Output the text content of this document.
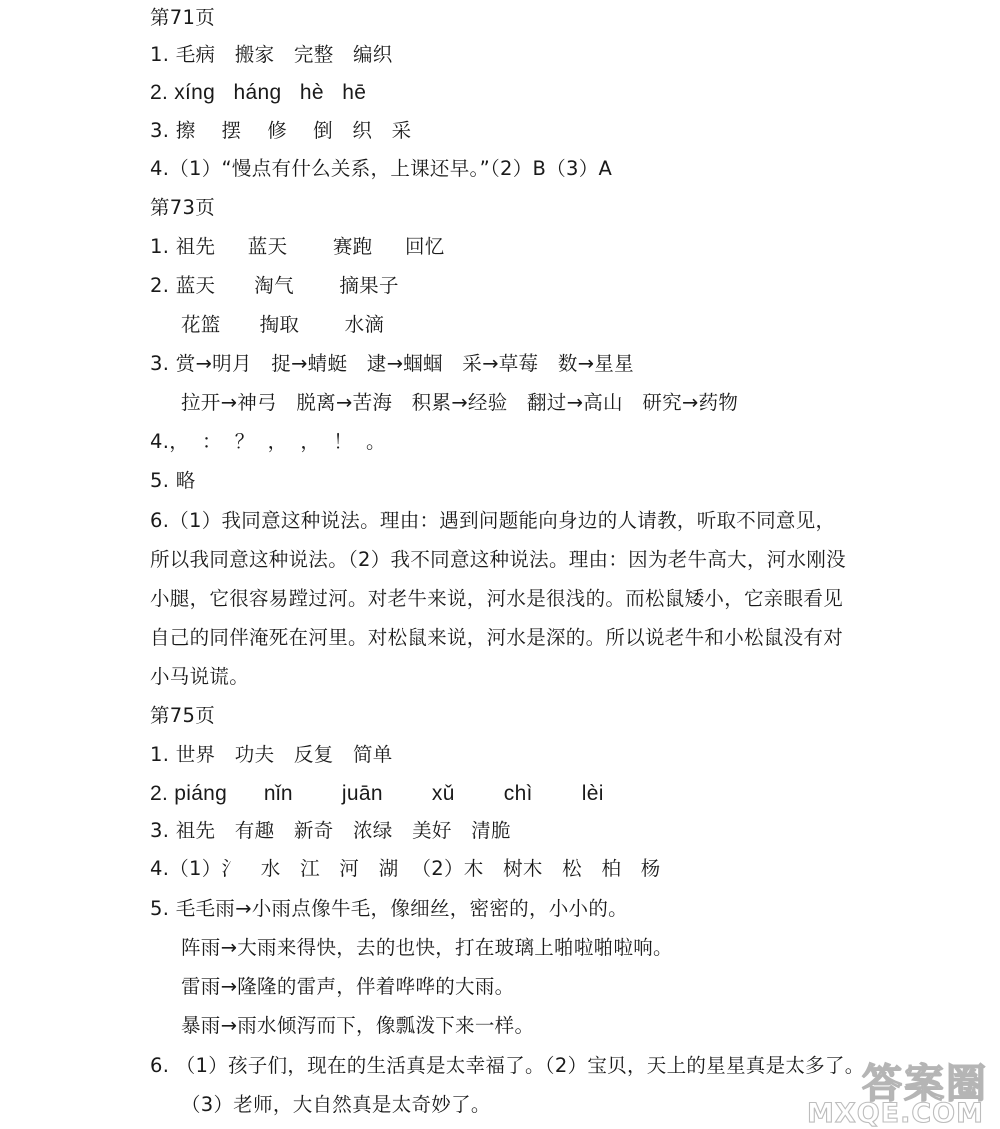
第71页
1. 毛病   搬家   完整   编织
2. xíng   háng   hè   hē
3. 擦    摆    修    倒   织   采
4.（1）“慢点有什么关系，上课还早。”（2）B（3）A
第73页
1. 祖先     蓝天       赛跑     回忆
2. 蓝天      淘气       摘果子
花篮      掏取       水滴
3. 赏→明月   捉→蜻蜓   逮→蝈蝈   采→草莓   数→星星
拉开→神弓   脱离→苦海   积累→经验   翻过→高山   研究→药物
4.，  ：  ？  ，  ，  ！  。
5. 略
6.（1）我同意这种说法。理由：遇到问题能向身边的人请教，听取不同意见，
所以我同意这种说法。（2）我不同意这种说法。理由：因为老牛高大，河水刚没
小腿，它很容易蹚过河。对老牛来说，河水是很浅的。而松鼠矮小，它亲眼看见
自己的同伴淹死在河里。对松鼠来说，河水是深的。所以说老牛和小松鼠没有对
小马说谎。
第75页
1. 世界   功夫   反复   简单
2. piáng      nǐn        juān        xǔ        chì        lèi
3. 祖先   有趣   新奇   浓绿   美好   清脆
4.（1）氵   水   江   河   湖  （2）木   树木   松   柏   杨
5. 毛毛雨→小雨点像牛毛，像细丝，密密的，小小的。
阵雨→大雨来得快，去的也快，打在玻璃上啪啦啪啦响。
雷雨→隆隆的雷声，伴着哗哗的大雨。
暴雨→雨水倾泻而下，像瓢泼下来一样。
6. （1）孩子们，现在的生活真是太幸福了。（2）宝贝，天上的星星真是太多了。
（3）老师，大自然真是太奇妙了。	答案圈
MXQE.COM
